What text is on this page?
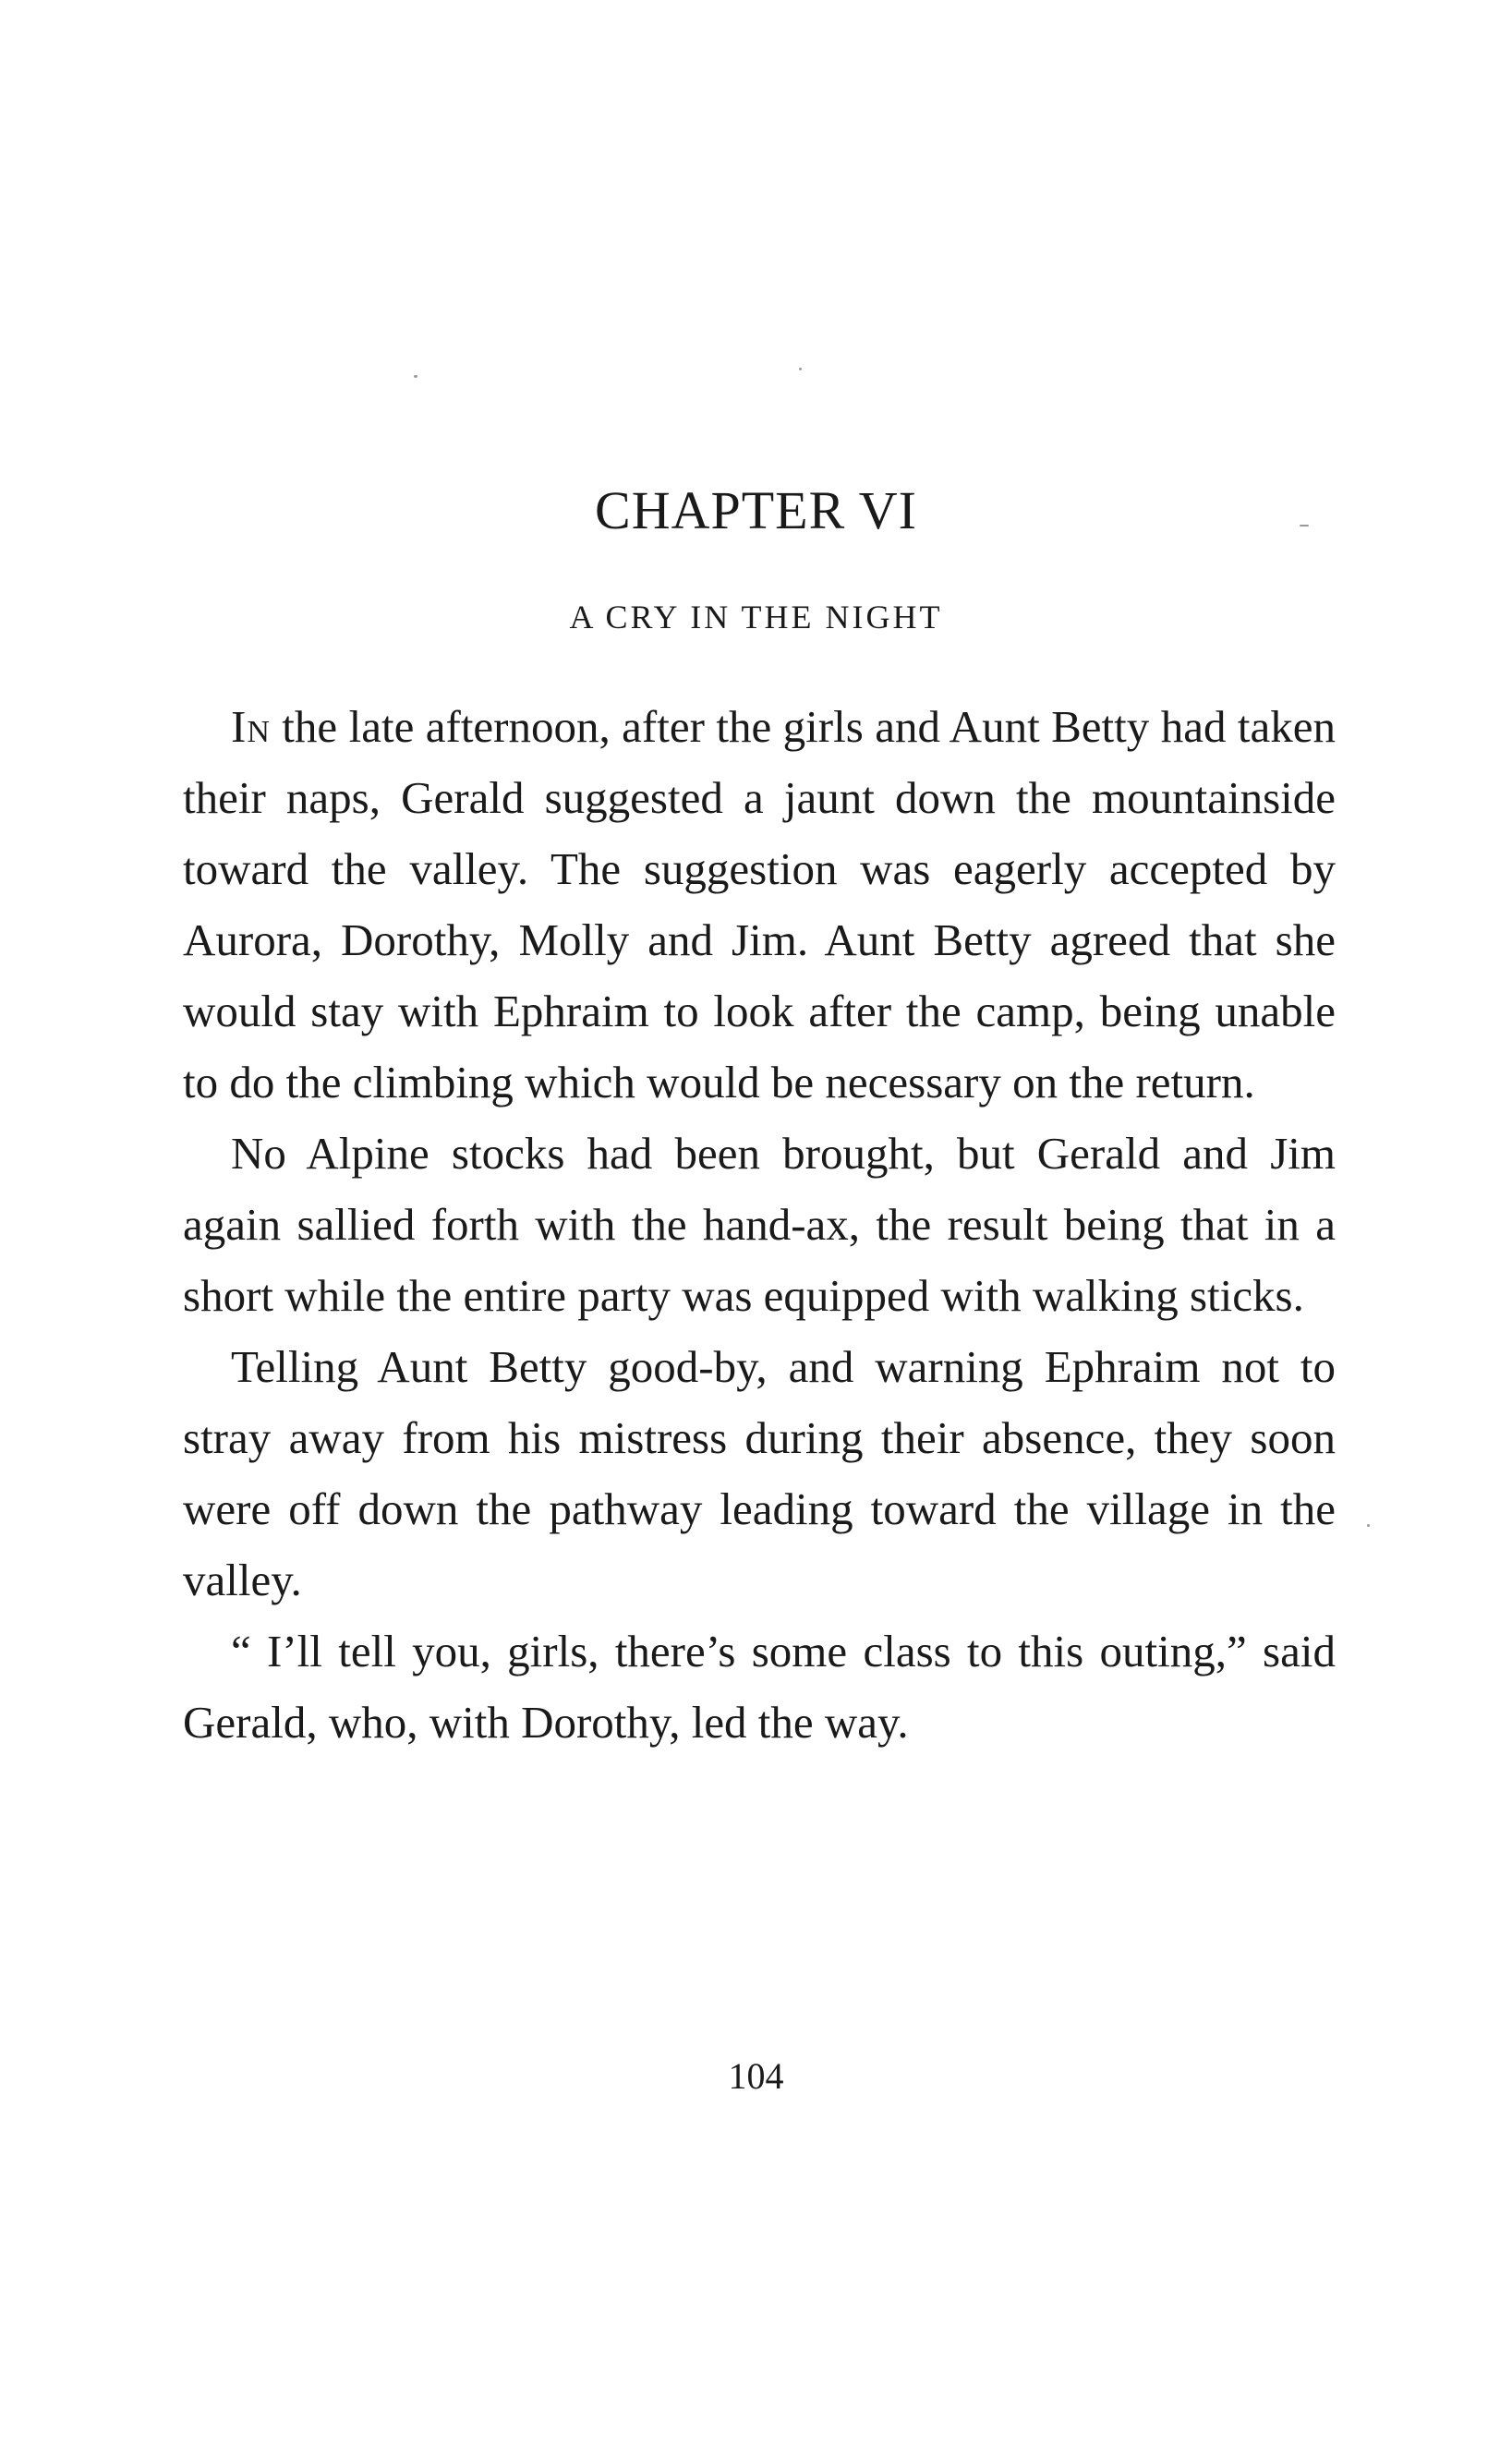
CHAPTER VI
A CRY IN THE NIGHT

In the late afternoon, after the girls and Aunt Betty had taken their naps, Gerald suggested a jaunt down the mountainside toward the valley. The suggestion was eagerly accepted by Aurora, Dorothy, Molly and Jim. Aunt Betty agreed that she would stay with Ephraim to look after the camp, being unable to do the climbing which would be necessary on the return.

No Alpine stocks had been brought, but Gerald and Jim again sallied forth with the hand-ax, the result being that in a short while the entire party was equipped with walking sticks.

Telling Aunt Betty good-by, and warning Ephraim not to stray away from his mistress during their absence, they soon were off down the pathway leading toward the village in the valley.

“ I’ll tell you, girls, there’s some class to this outing,” said Gerald, who, with Dorothy, led the way.

104
